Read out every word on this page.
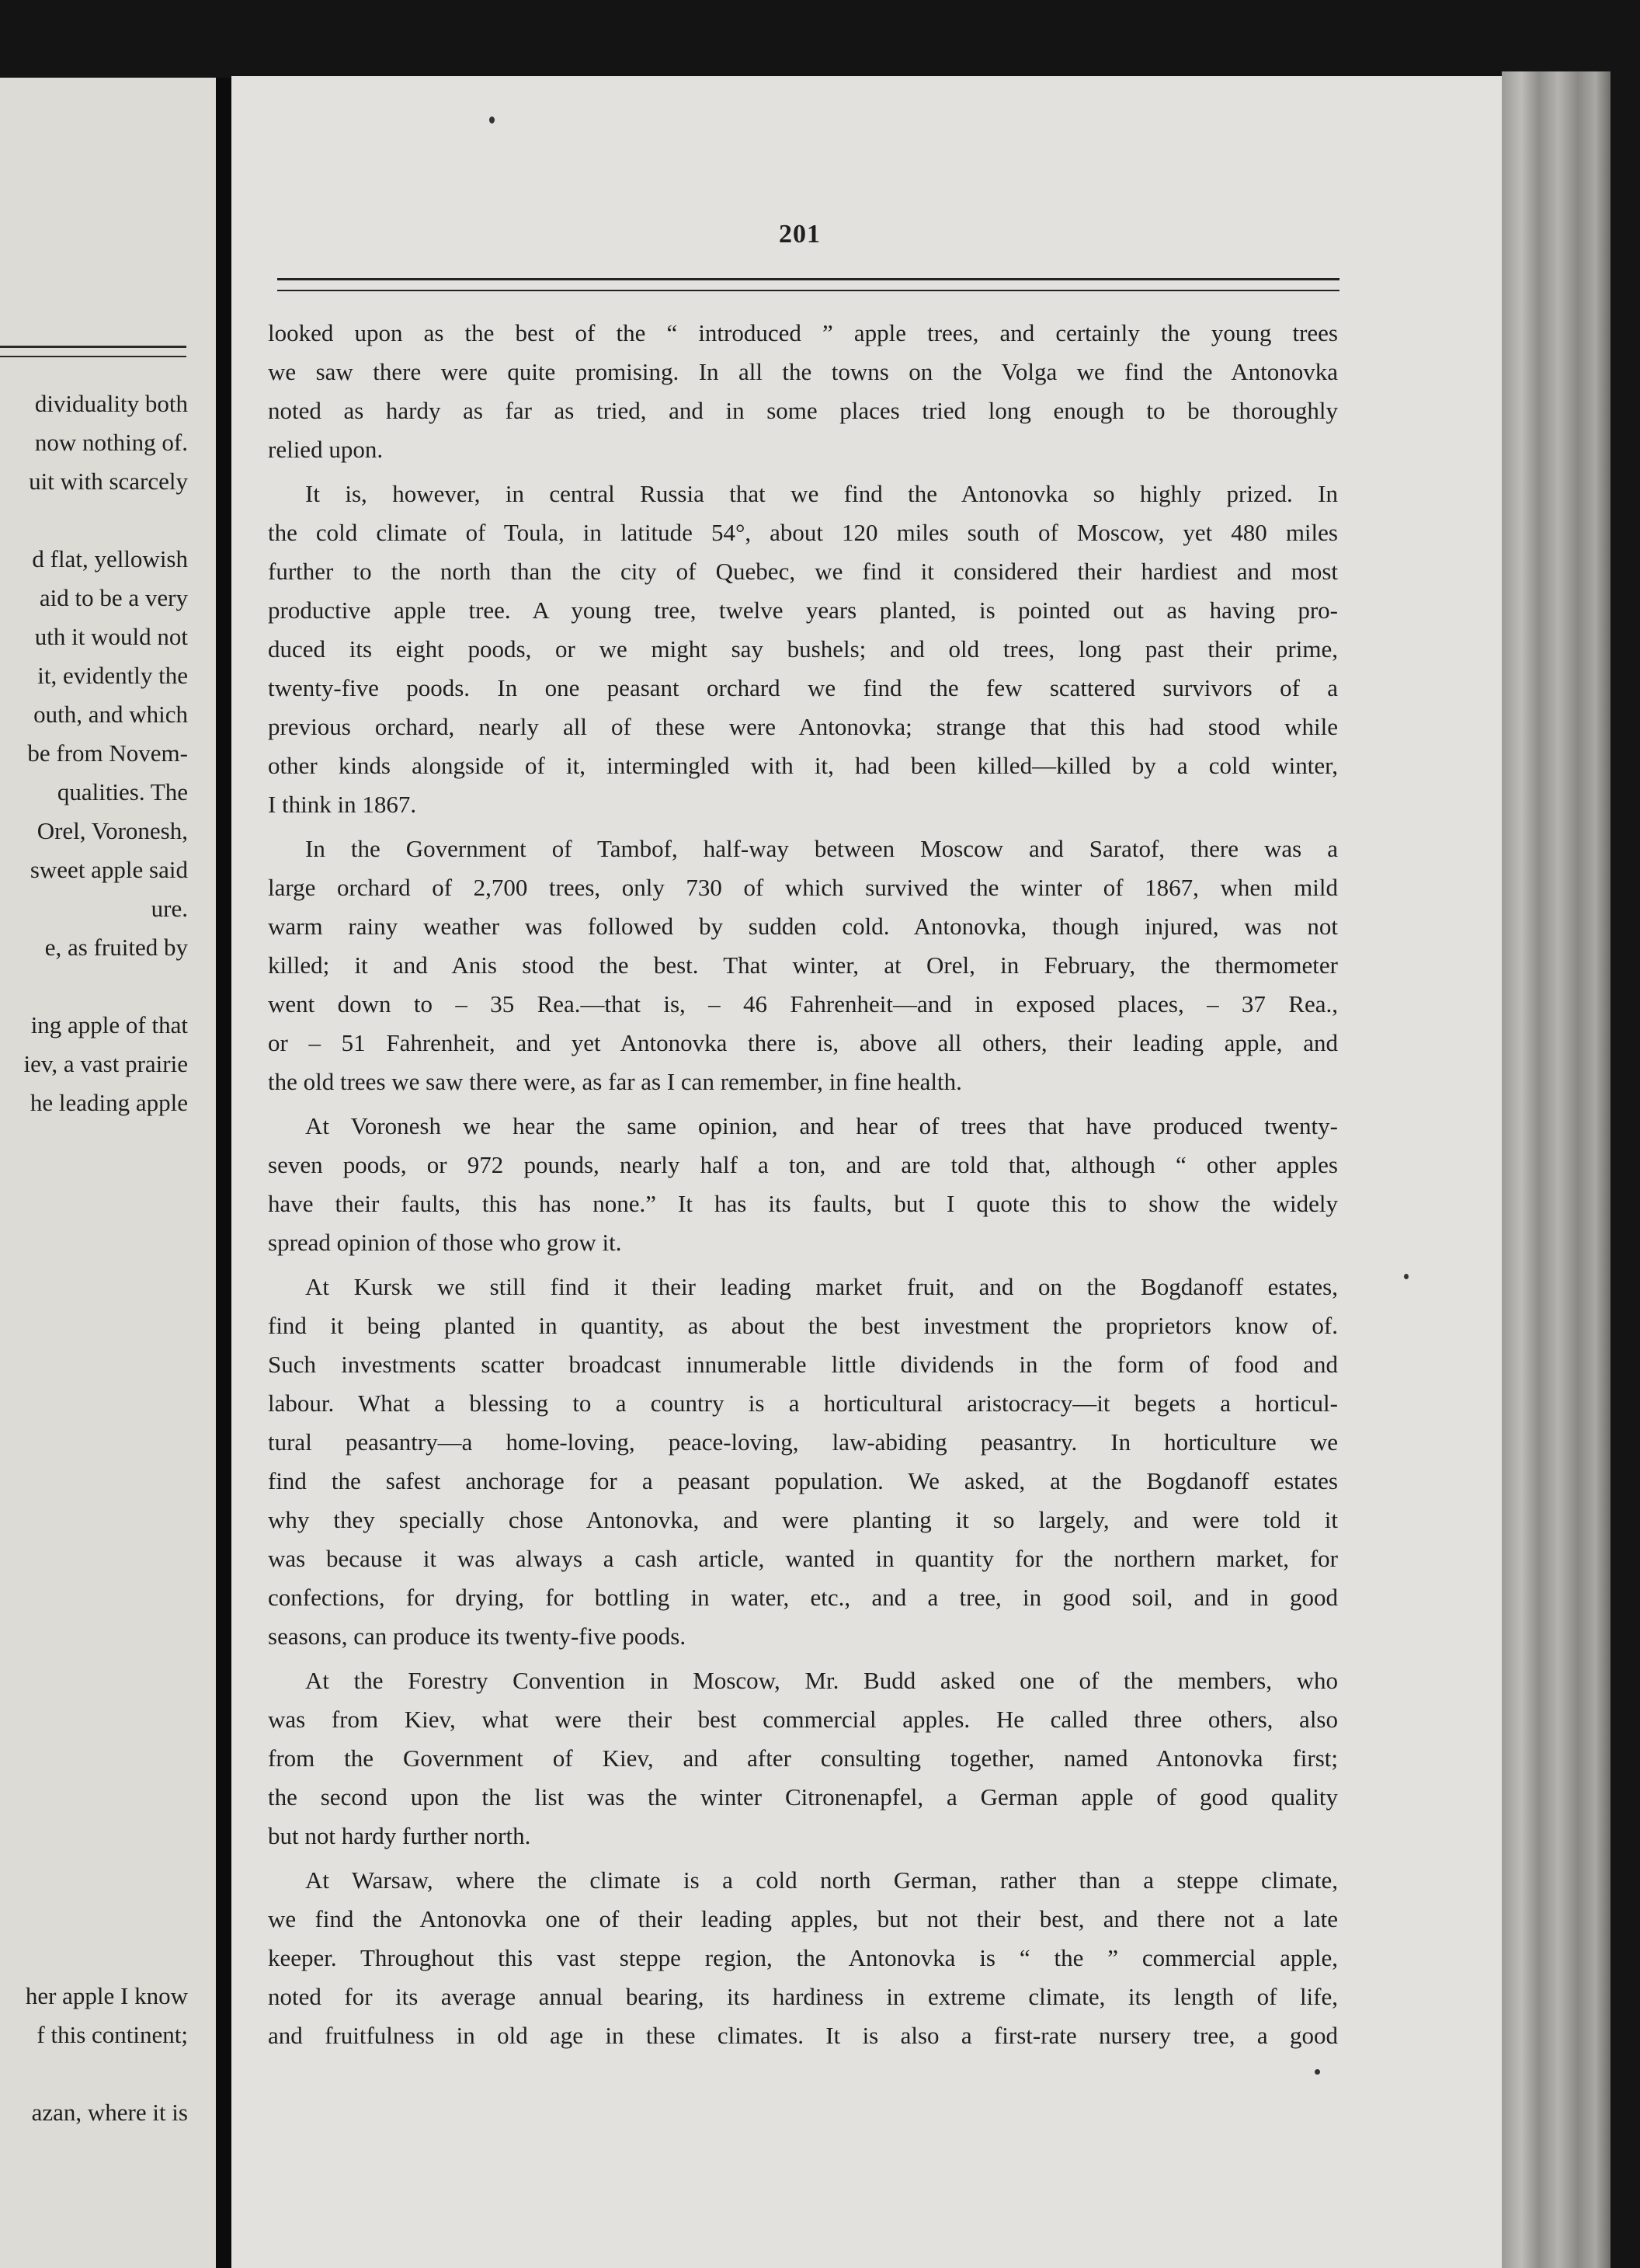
dividuality both
now nothing of.
uit with scarcely
d flat, yellowish
aid to be a very
uth it would not
it, evidently the
outh, and which
be from Novem-
qualities. The
Orel, Voronesh,
sweet apple said
ure.
e, as fruited by
ing apple of that
iev, a vast prairie
he leading apple
her apple I know
f this continent;
azan, where it is
201

looked upon as the best of the “ introduced ” apple trees, and certainly the young trees
we saw there were quite promising. In all the towns on the Volga we find the Antonovka
noted as hardy as far as tried, and in some places tried long enough to be thoroughly
relied upon.

It is, however, in central Russia that we find the Antonovka so highly prized. In
the cold climate of Toula, in latitude 54°, about 120 miles south of Moscow, yet 480 miles
further to the north than the city of Quebec, we find it considered their hardiest and most
productive apple tree. A young tree, twelve years planted, is pointed out as having pro-
duced its eight poods, or we might say bushels; and old trees, long past their prime,
twenty-five poods. In one peasant orchard we find the few scattered survivors of a
previous orchard, nearly all of these were Antonovka; strange that this had stood while
other kinds alongside of it, intermingled with it, had been killed—killed by a cold winter,
I think in 1867.

In the Government of Tambof, half-way between Moscow and Saratof, there was a
large orchard of 2,700 trees, only 730 of which survived the winter of 1867, when mild
warm rainy weather was followed by sudden cold. Antonovka, though injured, was not
killed; it and Anis stood the best. That winter, at Orel, in February, the thermometer
went down to – 35 Rea.—that is, – 46 Fahrenheit—and in exposed places, – 37 Rea.,
or – 51 Fahrenheit, and yet Antonovka there is, above all others, their leading apple, and
the old trees we saw there were, as far as I can remember, in fine health.

At Voronesh we hear the same opinion, and hear of trees that have produced twenty-
seven poods, or 972 pounds, nearly half a ton, and are told that, although “ other apples
have their faults, this has none.” It has its faults, but I quote this to show the widely
spread opinion of those who grow it.

At Kursk we still find it their leading market fruit, and on the Bogdanoff estates,
find it being planted in quantity, as about the best investment the proprietors know of.
Such investments scatter broadcast innumerable little dividends in the form of food and
labour. What a blessing to a country is a horticultural aristocracy—it begets a horticul-
tural peasantry—a home-loving, peace-loving, law-abiding peasantry. In horticulture we
find the safest anchorage for a peasant population. We asked, at the Bogdanoff estates
why they specially chose Antonovka, and were planting it so largely, and were told it
was because it was always a cash article, wanted in quantity for the northern market, for
confections, for drying, for bottling in water, etc., and a tree, in good soil, and in good
seasons, can produce its twenty-five poods.

At the Forestry Convention in Moscow, Mr. Budd asked one of the members, who
was from Kiev, what were their best commercial apples. He called three others, also
from the Government of Kiev, and after consulting together, named Antonovka first;
the second upon the list was the winter Citronenapfel, a German apple of good quality
but not hardy further north.

At Warsaw, where the climate is a cold north German, rather than a steppe climate,
we find the Antonovka one of their leading apples, but not their best, and there not a late
keeper. Throughout this vast steppe region, the Antonovka is “ the ” commercial apple,
noted for its average annual bearing, its hardiness in extreme climate, its length of life,
and fruitfulness in old age in these climates. It is also a first-rate nursery tree, a good
